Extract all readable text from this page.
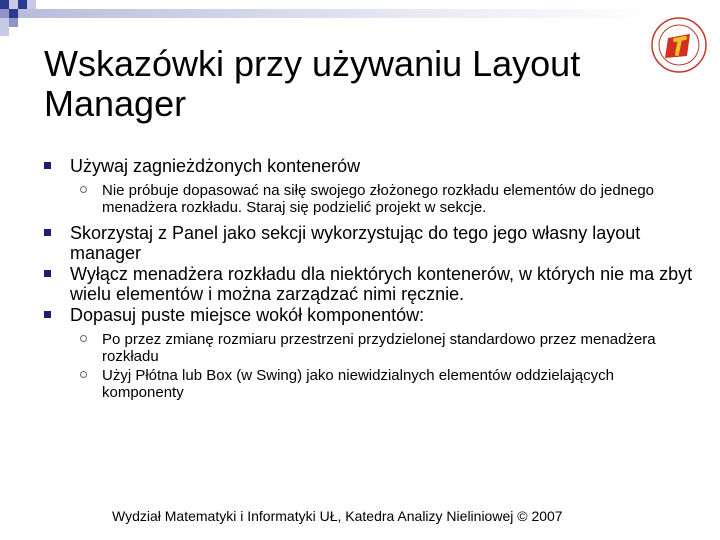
Wskazówki przy używaniu Layout Manager
Używaj zagnieżdżonych kontenerów
Nie próbuje dopasować na siłę swojego złożonego rozkładu elementów do jednego menadżera rozkładu. Staraj się podzielić projekt w sekcje.
Skorzystaj z Panel jako sekcji wykorzystując do tego jego własny layout manager
Wyłącz menadżera rozkładu dla niektórych kontenerów, w których nie ma zbyt wielu elementów i można zarządzać nimi ręcznie.
Dopasuj puste miejsce wokół komponentów:
Po przez zmianę rozmiaru przestrzeni przydzielonej standardowo przez menadżera rozkładu
Użyj Płótna lub Box (w Swing) jako niewidzialnych elementów oddzielających komponenty
Wydział Matematyki i Informatyki UŁ, Katedra Analizy Nieliniowej © 2007
